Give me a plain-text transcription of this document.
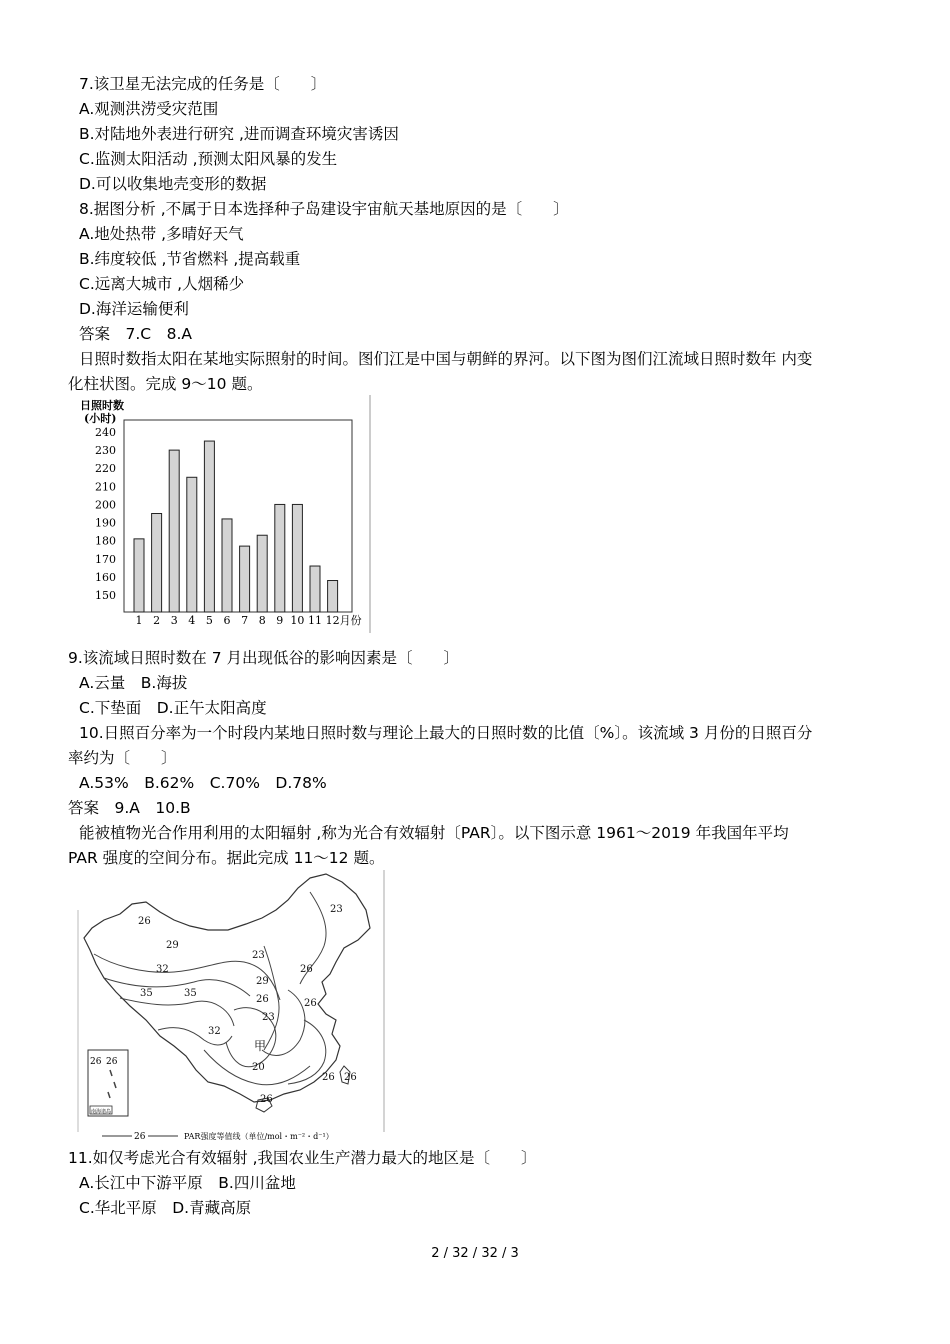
7.该卫星无法完成的任务是〔　　〕
A.观测洪涝受灾范围
B.对陆地外表进行研究 ,进而调查环境灾害诱因
C.监测太阳活动 ,预测太阳风暴的发生
D.可以收集地壳变形的数据
8.据图分析 ,不属于日本选择种子岛建设宇宙航天基地原因的是〔　　〕
A.地处热带 ,多晴好天气
B.纬度较低 ,节省燃料 ,提高载重
C.远离大城市 ,人烟稀少
D.海洋运输便利
答案　7.C　8.A
日照时数指太阳在某地实际照射的时间。图们江是中国与朝鲜的界河。以下图为图们江流域日照时数年 内变
化柱状图。完成 9～10 题。
日照时数
(小时)
150
160
170
180
190
200
210
220
230
240
1 2 3 4 5 6 7 8 9 10 11 12 月份
9.该流域日照时数在 7 月出现低谷的影响因素是〔　　〕
A.云量　B.海拔
C.下垫面　D.正午太阳高度
10.日照百分率为一个时段内某地日照时数与理论上最大的日照时数的比值〔%〕。该流域 3 月份的日照百分
率约为〔　　〕
A.53%　B.62%　C.70%　D.78%
答案　9.A　10.B
能被植物光合作用利用的太阳辐射 ,称为光合有效辐射〔PAR〕。以下图示意 1961～2019 年我国年平均
PAR 强度的空间分布。据此完成 11～12 题。
26
29
32
35	35
32
29
26
23
23
26
26
20
26 26
26
23
甲
26 26
南海诸岛
26	PAR强度等值线（单位/mol・m⁻²・d⁻¹）
11.如仅考虑光合有效辐射 ,我国农业生产潜力最大的地区是〔　　〕
A.长江中下游平原　B.四川盆地
C.华北平原　D.青藏高原
2 / 32 / 32 / 3
